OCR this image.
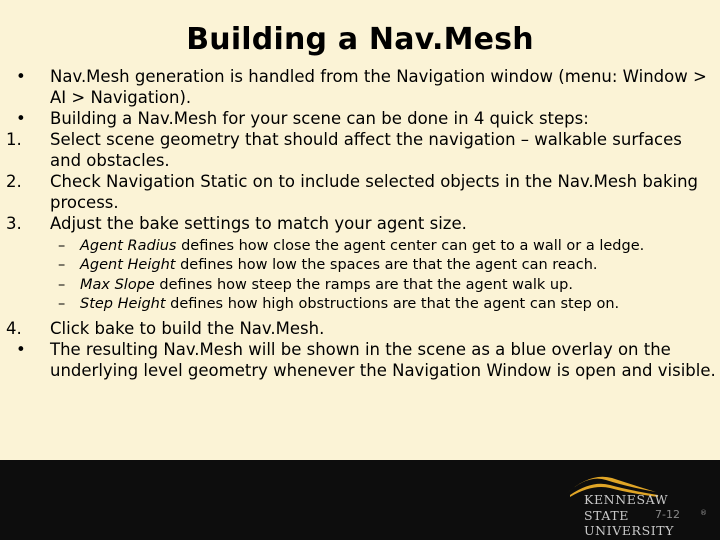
Building a Nav.Mesh
• Nav.Mesh generation is handled from the Navigation window (menu: Window > AI > Navigation).
• Building a Nav.Mesh for your scene can be done in 4 quick steps:
1. Select scene geometry that should affect the navigation – walkable surfaces and obstacles.
2. Check Navigation Static on to include selected objects in the Nav.Mesh baking process.
3. Adjust the bake settings to match your agent size.
– Agent Radius defines how close the agent center can get to a wall or a ledge.
– Agent Height defines how low the spaces are that the agent can reach.
– Max Slope defines how steep the ramps are that the agent walk up.
– Step Height defines how high obstructions are that the agent can step on.
4. Click bake to build the Nav.Mesh.
• The resulting Nav.Mesh will be shown in the scene as a blue overlay on the underlying level geometry whenever the Navigation Window is open and visible.
KENNESAW
STATE UNIVERSITY
7-12	®
